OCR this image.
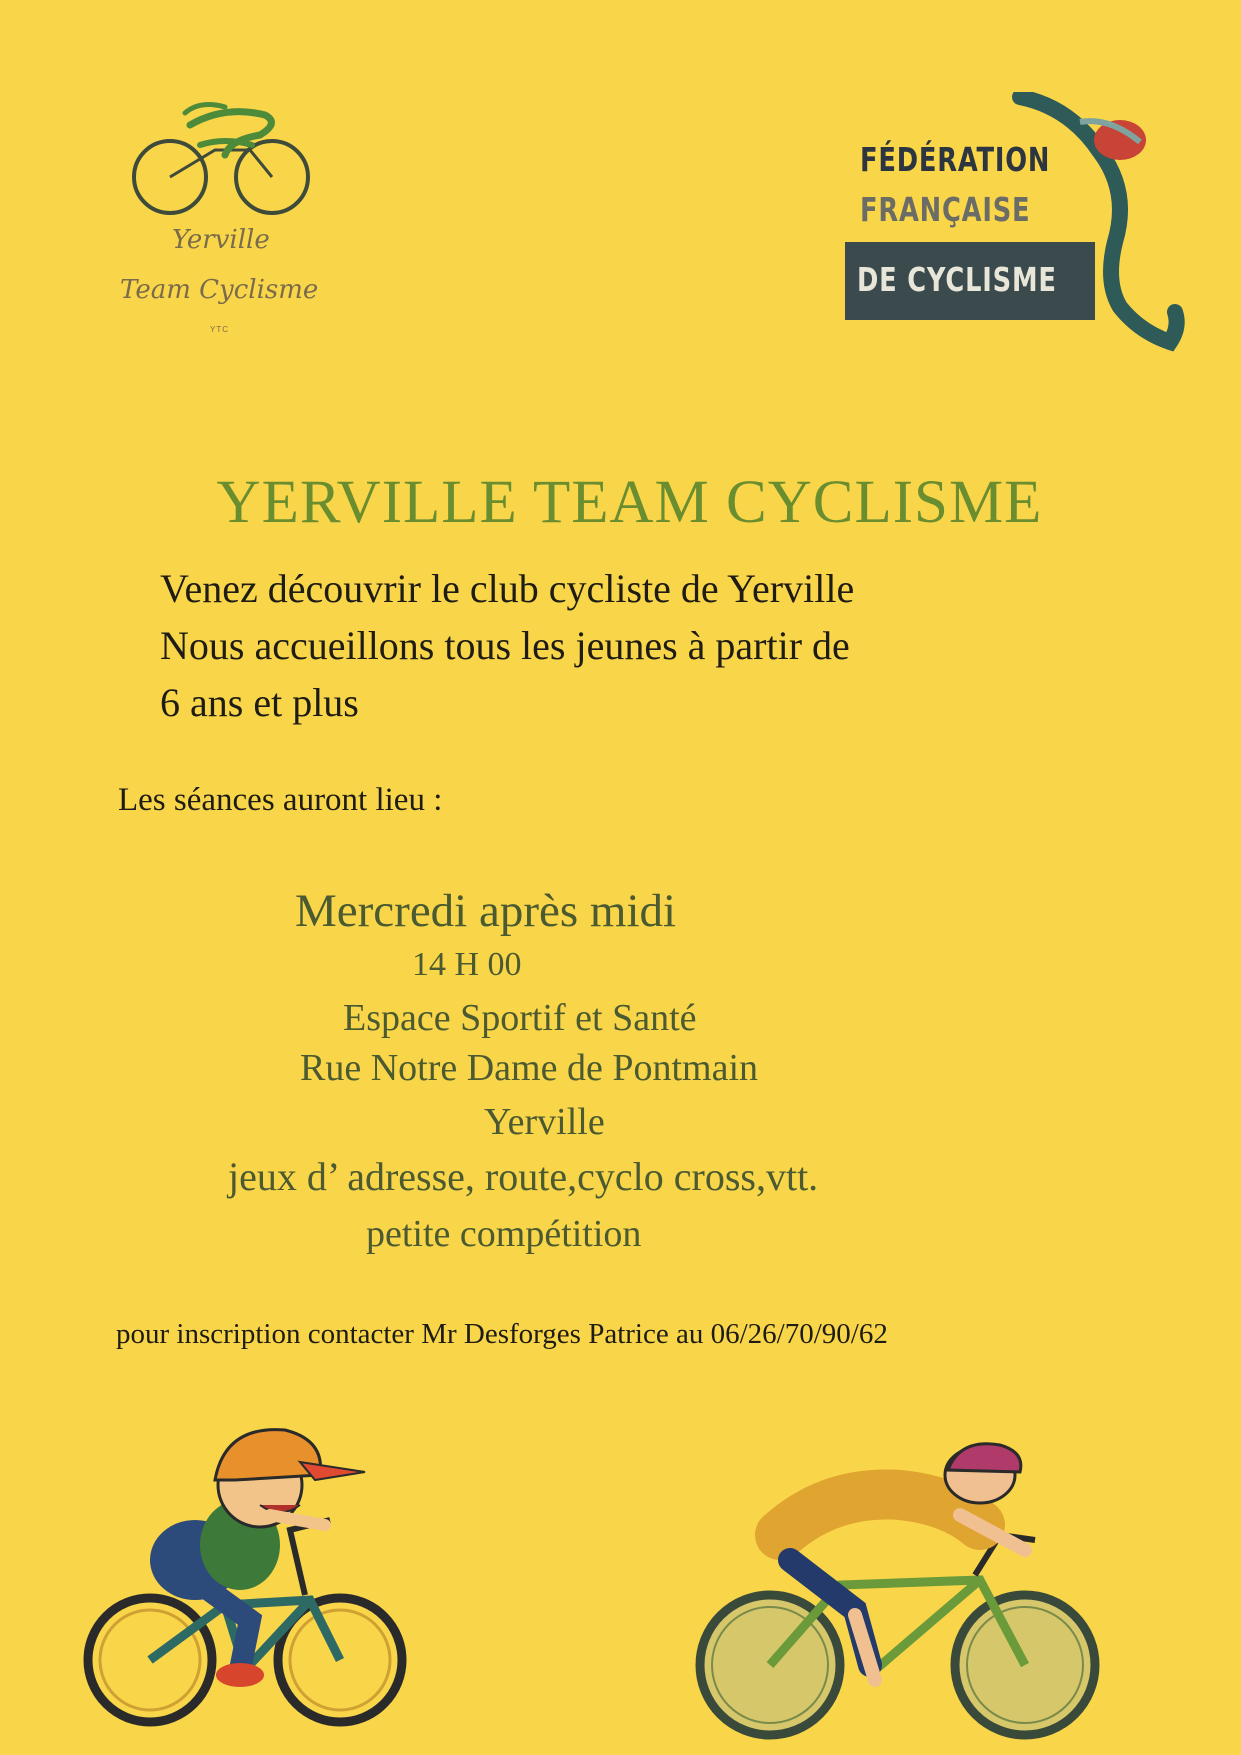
Yerville
Team Cyclisme
YTC
FÉDÉRATION
FRANÇAISE
DE CYCLISME
YERVILLE TEAM CYCLISME
Venez découvrir le club cycliste de Yerville
Nous accueillons tous les jeunes à partir de
6 ans et plus
Les séances auront lieu :
Mercredi après midi
14 H 00
Espace Sportif et Santé
Rue Notre Dame de Pontmain
Yerville
jeux d’ adresse, route,cyclo cross,vtt.
petite compétition
pour inscription contacter Mr Desforges Patrice au 06/26/70/90/62
